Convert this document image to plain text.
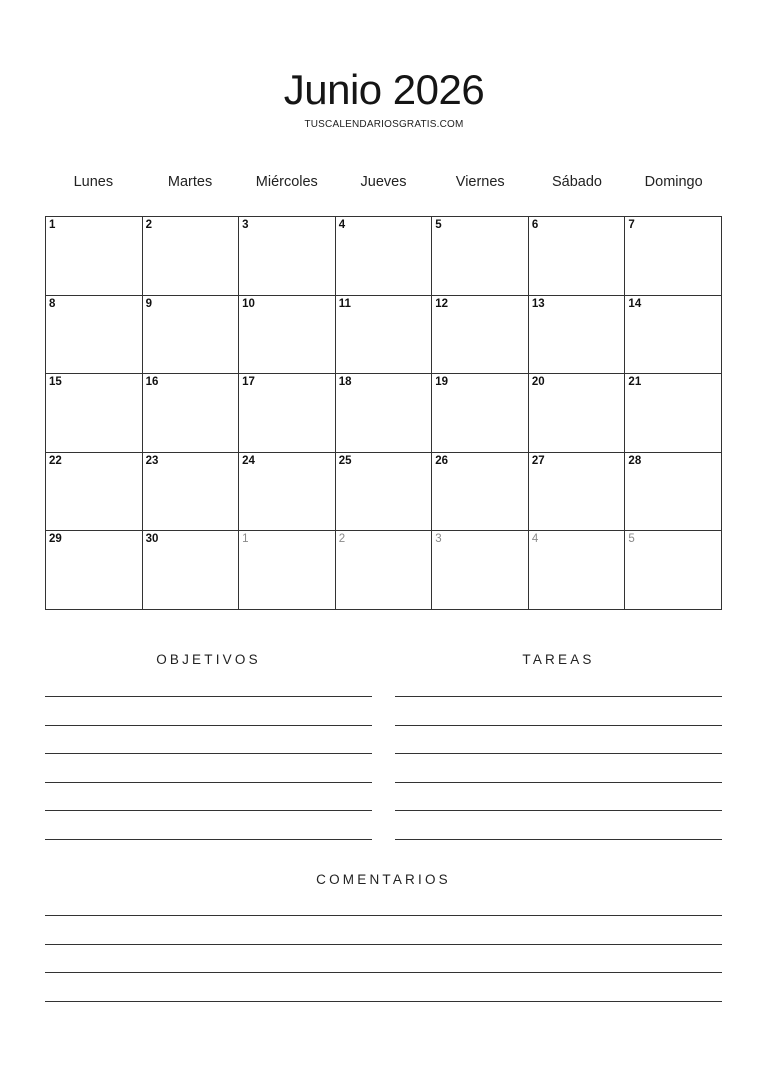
Junio 2026
TUSCALENDARIOSGRATIS.COM
Lunes	Martes	Miércoles	Jueves	Viernes	Sábado	Domingo
1	2	3	4	5	6	7
8	9	10	11	12	13	14
15	16	17	18	19	20	21
22	23	24	25	26	27	28
29	30	1	2	3	4	5
OBJETIVOS	TAREAS
COMENTARIOS
